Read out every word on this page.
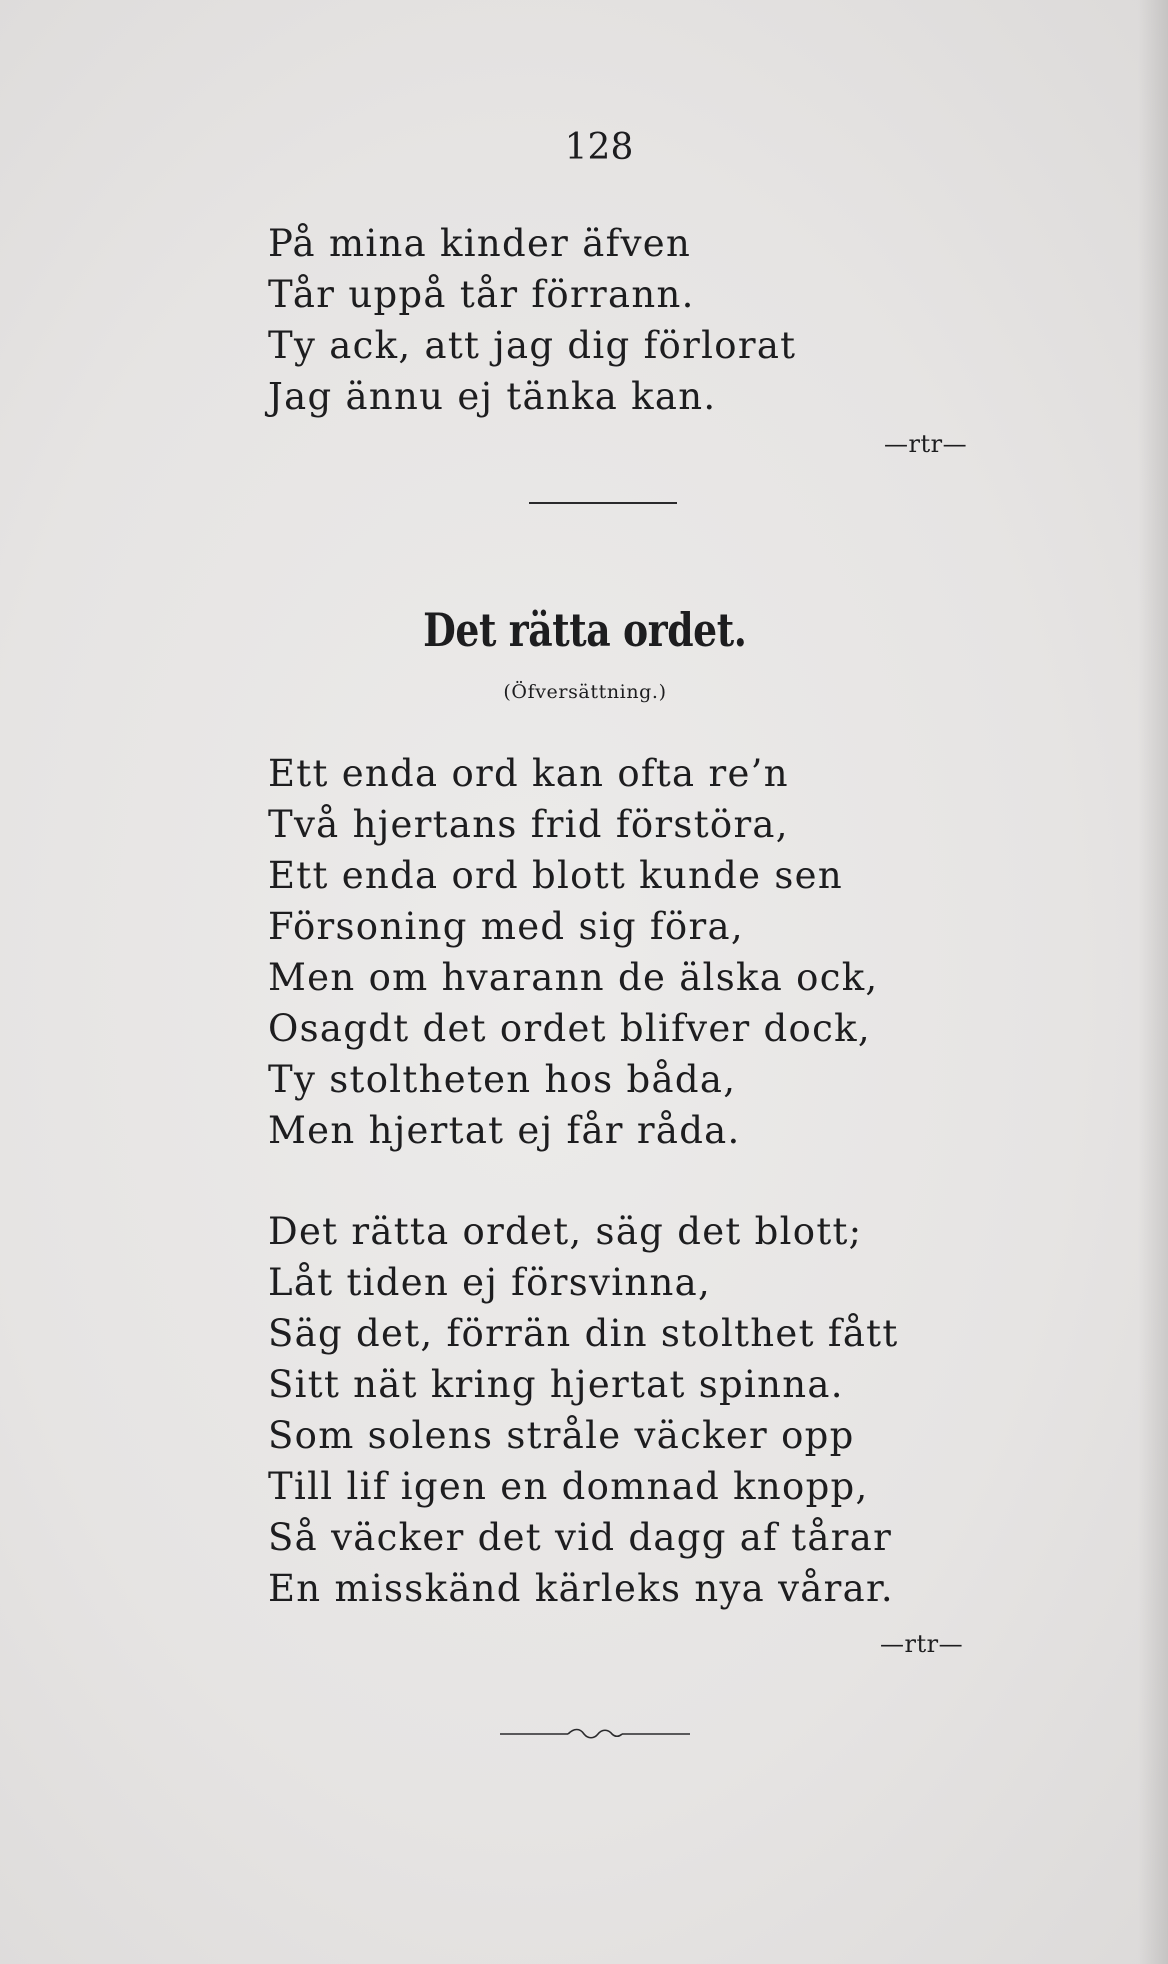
128
På mina kinder äfven
Tår uppå tår förrann.
Ty ack, att jag dig förlorat
Jag ännu ej tänka kan.
—rtr—
Det rätta ordet.
(Öfversättning.)
Ett enda ord kan ofta re’n
Två hjertans frid förstöra,
Ett enda ord blott kunde sen
Försoning med sig föra,
Men om hvarann de älska ock,
Osagdt det ordet blifver dock,
Ty stoltheten hos båda,
Men hjertat ej får råda.
Det rätta ordet, säg det blott;
Låt tiden ej försvinna,
Säg det, förrän din stolthet fått
Sitt nät kring hjertat spinna.
Som solens stråle väcker opp
Till lif igen en domnad knopp,
Så väcker det vid dagg af tårar
En misskänd kärleks nya vårar.
—rtr—
